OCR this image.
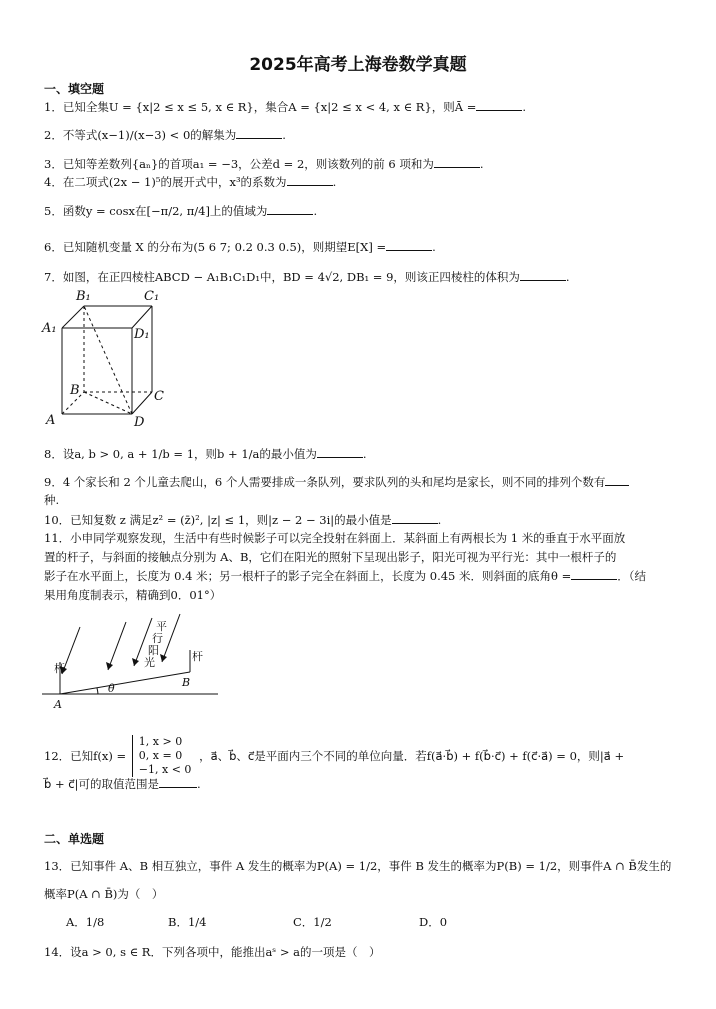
2025年高考上海卷数学真题
一、填空题
1．已知全集U = {x|2 ≤ x ≤ 5, x ∈ R}，集合A = {x|2 ≤ x < 4, x ∈ R}，则Ā =	.
2．不等式(x−1)/(x−3) < 0的解集为	.
3．已知等差数列{aₙ}的首项a₁ = −3，公差d = 2，则该数列的前 6 项和为	.
4．在二项式(2x − 1)⁵的展开式中，x³的系数为	.
5．函数y = cosx在[−π/2, π/4]上的值域为	.
6．已知随机变量 X 的分布为(5 6 7; 0.2 0.3 0.5)，则期望E[X] =	.
7．如图，在正四棱柱ABCD − A₁B₁C₁D₁中，BD = 4√2, DB₁ = 9，则该正四棱柱的体积为	.
B₁	C₁
A₁	D₁
B	C
A	D
8．设a, b > 0, a + 1/b = 1，则b + 1/a的最小值为	.
9．4 个家长和 2 个儿童去爬山，6 个人需要排成一条队列，要求队列的头和尾均是家长，则不同的排列个数有
种.
10．已知复数 z 满足z² = (z̄)², |z| ≤ 1，则|z − 2 − 3i|的最小值是	.
11．小申同学观察发现，生活中有些时候影子可以完全投射在斜面上．某斜面上有两根长为 1 米的垂直于水平面放
置的杆子，与斜面的接触点分别为 A、B，它们在阳光的照射下呈现出影子，阳光可视为平行光：其中一根杆子的
影子在水平面上，长度为 0.4 米；另一根杆子的影子完全在斜面上，长度为 0.45 米．则斜面的底角θ =	．（结
果用角度制表示，精确到0．01°）
杆
杆
平
行
阳
光
A
B
θ
12．已知f(x) =
1, x > 0
0, x = 0
−1, x < 0
，a⃗、b⃗、c⃗是平面内三个不同的单位向量．若f(a⃗·b⃗) + f(b⃗·c⃗) + f(c⃗·a⃗) = 0，则|a⃗ +
b⃗ + c⃗|可的取值范围是	.
二、单选题
13．已知事件 A、B 相互独立，事件 A 发生的概率为P(A) = 1/2，事件 B 发生的概率为P(B) = 1/2，则事件A ∩ B̄发生的
概率P(A ∩ B̄)为（　）
A．1/8	B．1/4	C．1/2	D．0
14．设a > 0, s ∈ R．下列各项中，能推出aˢ > a的一项是（　）
